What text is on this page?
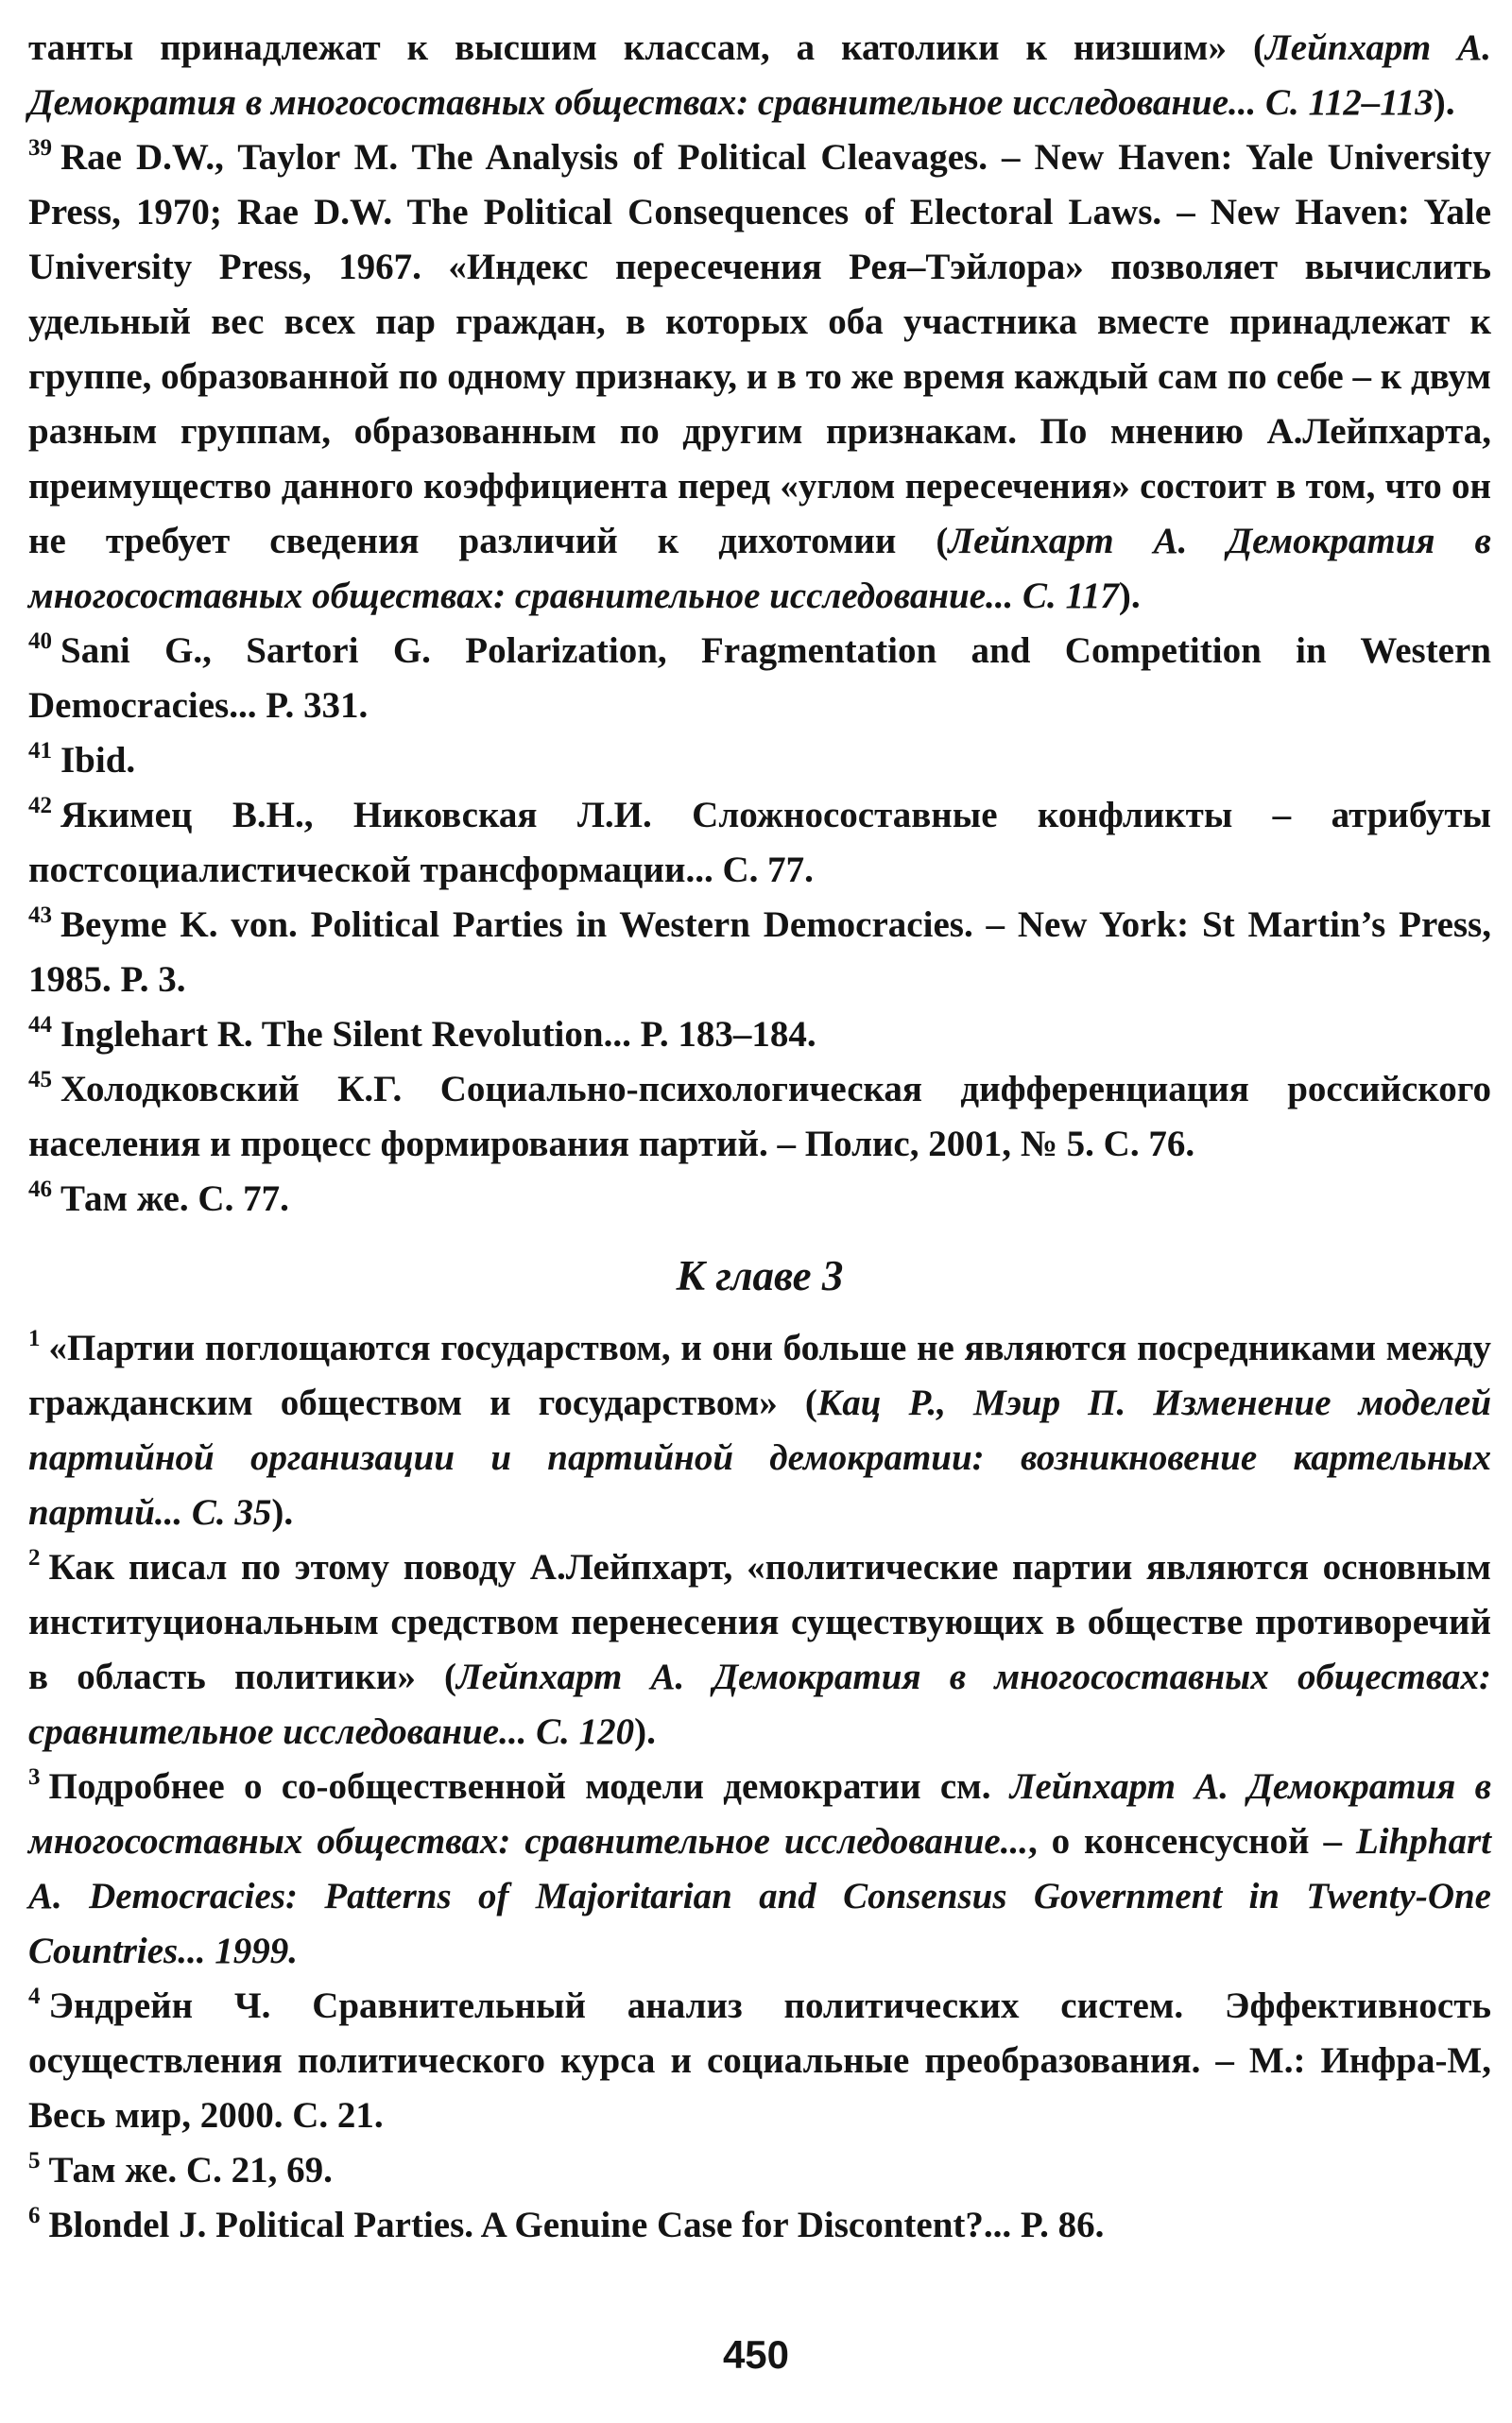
танты принадлежат к высшим классам, а католики к низшим» (Лейпхарт А. Демократия в многосоставных обществах: сравнительное исследование... С. 112–113).

$^{39}$ Rae D.W., Taylor M. The Analysis of Political Cleavages. – New Haven: Yale University Press, 1970; Rae D.W. The Political Consequences of Electoral Laws. – New Haven: Yale University Press, 1967. «Индекс пересечения Рея–Тэйлора» позволяет вычислить удельный вес всех пар граждан, в которых оба участника вместе принадлежат к группе, образованной по одному признаку, и в то же время каждый сам по себе – к двум разным группам, образованным по другим признакам. По мнению А.Лейпхарта, преимущество данного коэффициента перед «углом пересечения» состоит в том, что он не требует сведения различий к дихотомии (Лейпхарт А. Демократия в многосоставных обществах: сравнительное исследование... С. 117).

$^{40}$ Sani G., Sartori G. Polarization, Fragmentation and Competition in Western Democracies... P. 331.

$^{41}$ Ibid.

$^{42}$ Якимец В.Н., Никовская Л.И. Сложносоставные конфликты – атрибуты постсоциалистической трансформации... С. 77.

$^{43}$ Beyme K. von. Political Parties in Western Democracies. – New York: St Martin’s Press, 1985. P. 3.

$^{44}$ Inglehart R. The Silent Revolution... P. 183–184.

$^{45}$ Холодковский К.Г. Социально-психологическая дифференциация российского населения и процесс формирования партий. – Полис, 2001, № 5. С. 76.

$^{46}$ Там же. С. 77.

К главе 3

$^1$ «Партии поглощаются государством, и они больше не являются посредниками между гражданским обществом и государством» (Кац Р., Мэир П. Изменение моделей партийной организации и партийной демократии: возникновение картельных партий... С. 35).

$^2$ Как писал по этому поводу А.Лейпхарт, «политические партии являются основным институциональным средством перенесения существующих в обществе противоречий в область политики» (Лейпхарт А. Демократия в многосоставных обществах: сравнительное исследование... С. 120).

$^3$ Подробнее о со-общественной модели демократии см. Лейпхарт А. Демократия в многосоставных обществах: сравнительное исследование..., о консенсусной – Lihphart A. Democracies: Patterns of Majoritarian and Consensus Government in Twenty-One Countries... 1999.

$^4$ Эндрейн Ч. Сравнительный анализ политических систем. Эффективность осуществления политического курса и социальные преобразования. – М.: Инфра-М, Весь мир, 2000. С. 21.

$^5$ Там же. С. 21, 69.

$^6$ Blondel J. Political Parties. A Genuine Case for Discontent?... P. 86.

450
